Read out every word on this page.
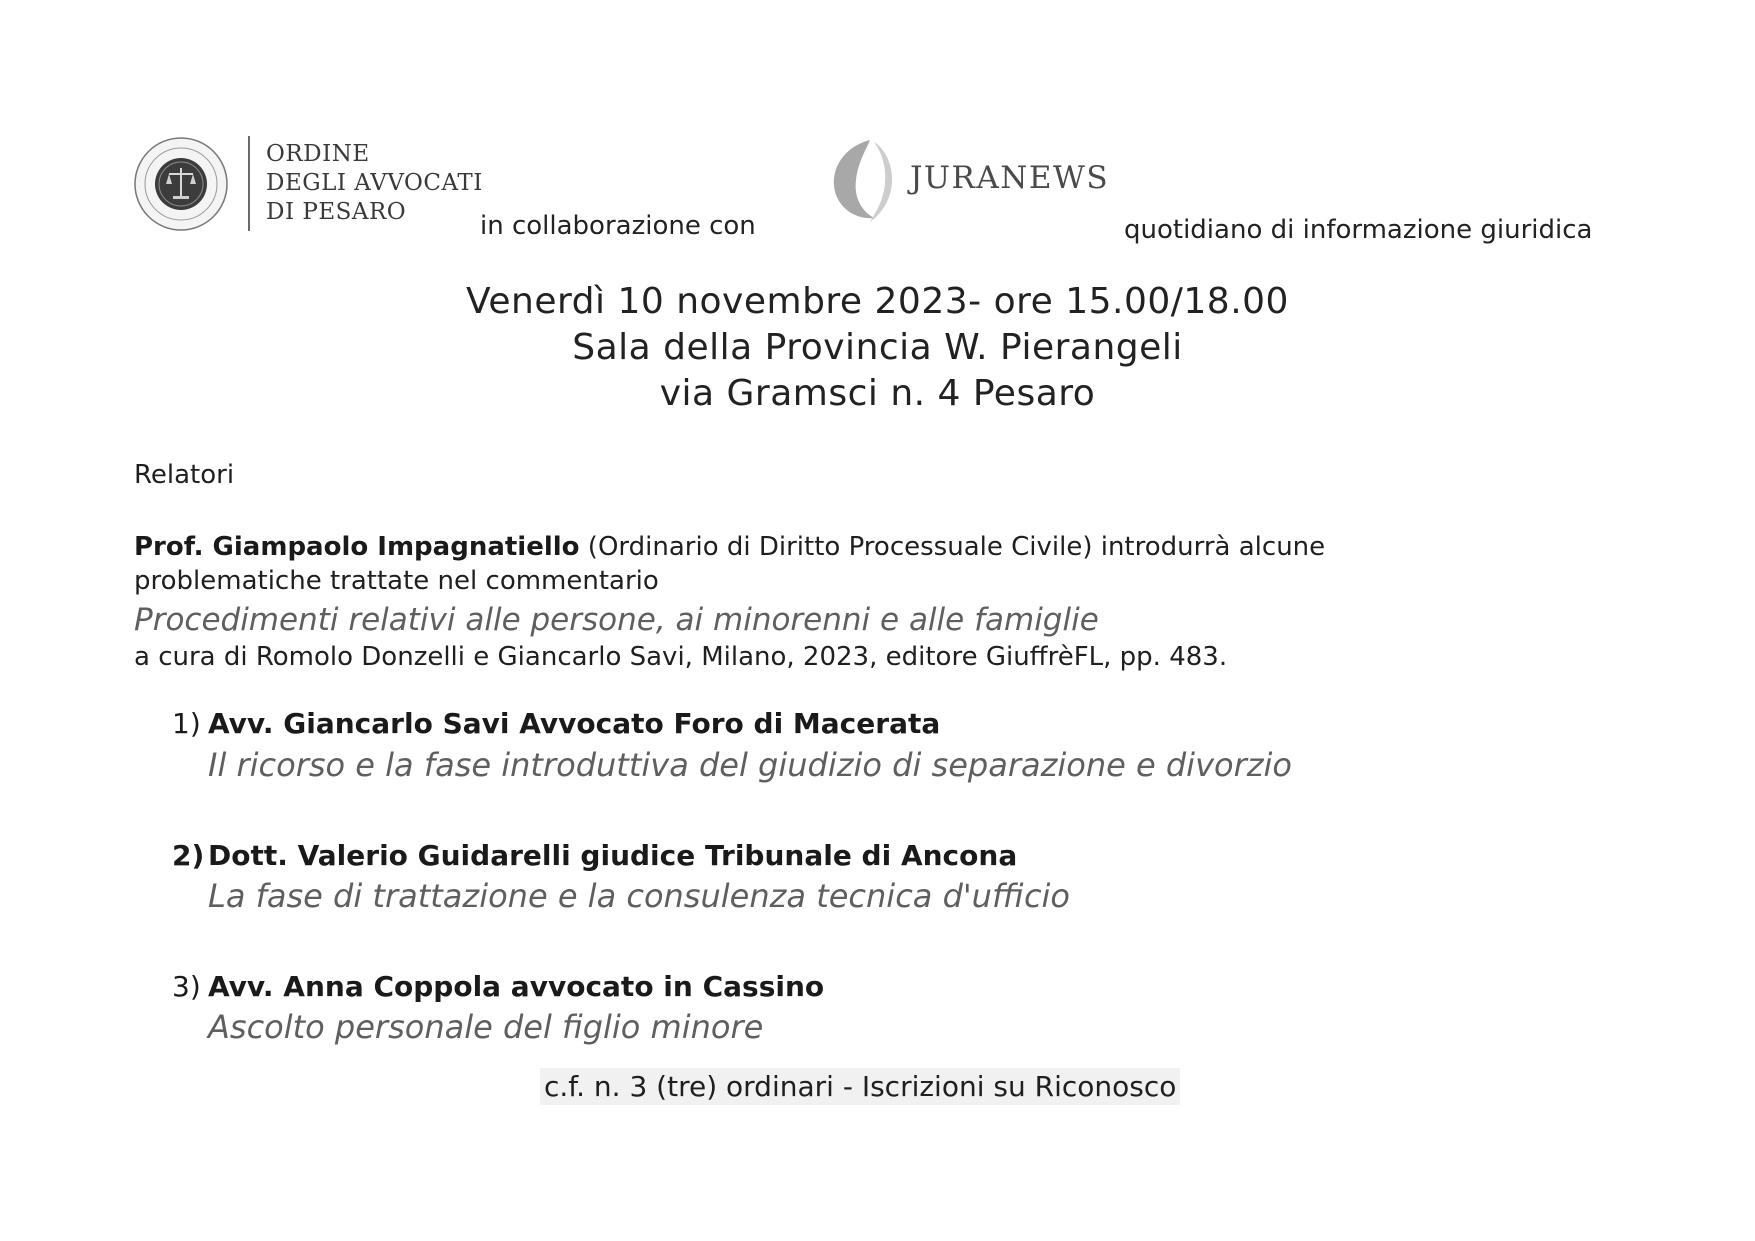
ORDINE
DEGLI AVVOCATI
DI PESARO	in collaborazione con
JURANEWS
quotidiano di informazione giuridica
Venerdì 10 novembre 2023- ore 15.00/18.00
Sala della Provincia W. Pierangeli
via Gramsci n. 4 Pesaro
Relatori
Prof. Giampaolo Impagnatiello (Ordinario di Diritto Processuale Civile) introdurrà alcune
problematiche trattate nel commentario
Procedimenti relativi alle persone, ai minorenni e alle famiglie
a cura di Romolo Donzelli e Giancarlo Savi, Milano, 2023, editore GiuffrèFL, pp. 483.
1) Avv. Giancarlo Savi Avvocato Foro di Macerata
Il ricorso e la fase introduttiva del giudizio di separazione e divorzio
2) Dott. Valerio Guidarelli giudice Tribunale di Ancona
La fase di trattazione e la consulenza tecnica d'ufficio
3) Avv. Anna Coppola avvocato in Cassino
Ascolto personale del figlio minore
c.f. n. 3 (tre) ordinari - Iscrizioni su Riconosco
